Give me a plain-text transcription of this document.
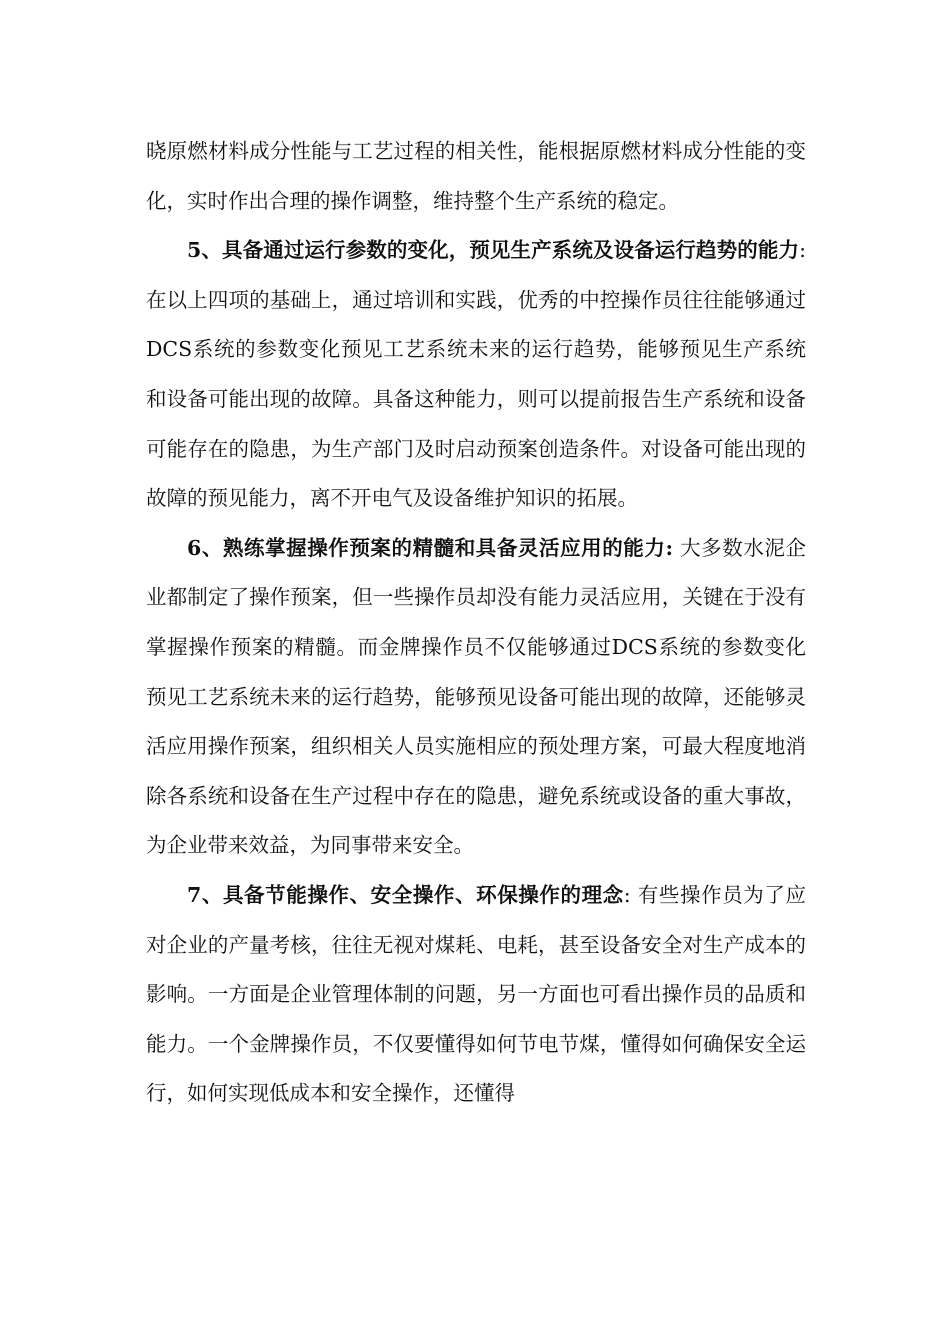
晓原燃材料成分性能与工艺过程的相关性，能根据原燃材料成分性能的变化，实时作出合理的操作调整，维持整个生产系统的稳定。

5、具备通过运行参数的变化，预见生产系统及设备运行趋势的能力: 在以上四项的基础上，通过培训和实践，优秀的中控操作员往往能够通过DCS系统的参数变化预见工艺系统未来的运行趋势，能够预见生产系统和设备可能出现的故障。具备这种能力，则可以提前报告生产系统和设备可能存在的隐患，为生产部门及时启动预案创造条件。对设备可能出现的故障的预见能力，离不开电气及设备维护知识的拓展。

6、熟练掌握操作预案的精髓和具备灵活应用的能力: 大多数水泥企业都制定了操作预案，但一些操作员却没有能力灵活应用，关键在于没有掌握操作预案的精髓。而金牌操作员不仅能够通过DCS系统的参数变化预见工艺系统未来的运行趋势，能够预见设备可能出现的故障，还能够灵活应用操作预案，组织相关人员实施相应的预处理方案，可最大程度地消除各系统和设备在生产过程中存在的隐患，避免系统或设备的重大事故，为企业带来效益，为同事带来安全。

7、具备节能操作、安全操作、环保操作的理念: 有些操作员为了应对企业的产量考核，往往无视对煤耗、电耗，甚至设备安全对生产成本的影响。一方面是企业管理体制的问题，另一方面也可看出操作员的品质和能力。一个金牌操作员，不仅要懂得如何节电节煤，懂得如何确保安全运行，如何实现低成本和安全操作，还懂得
